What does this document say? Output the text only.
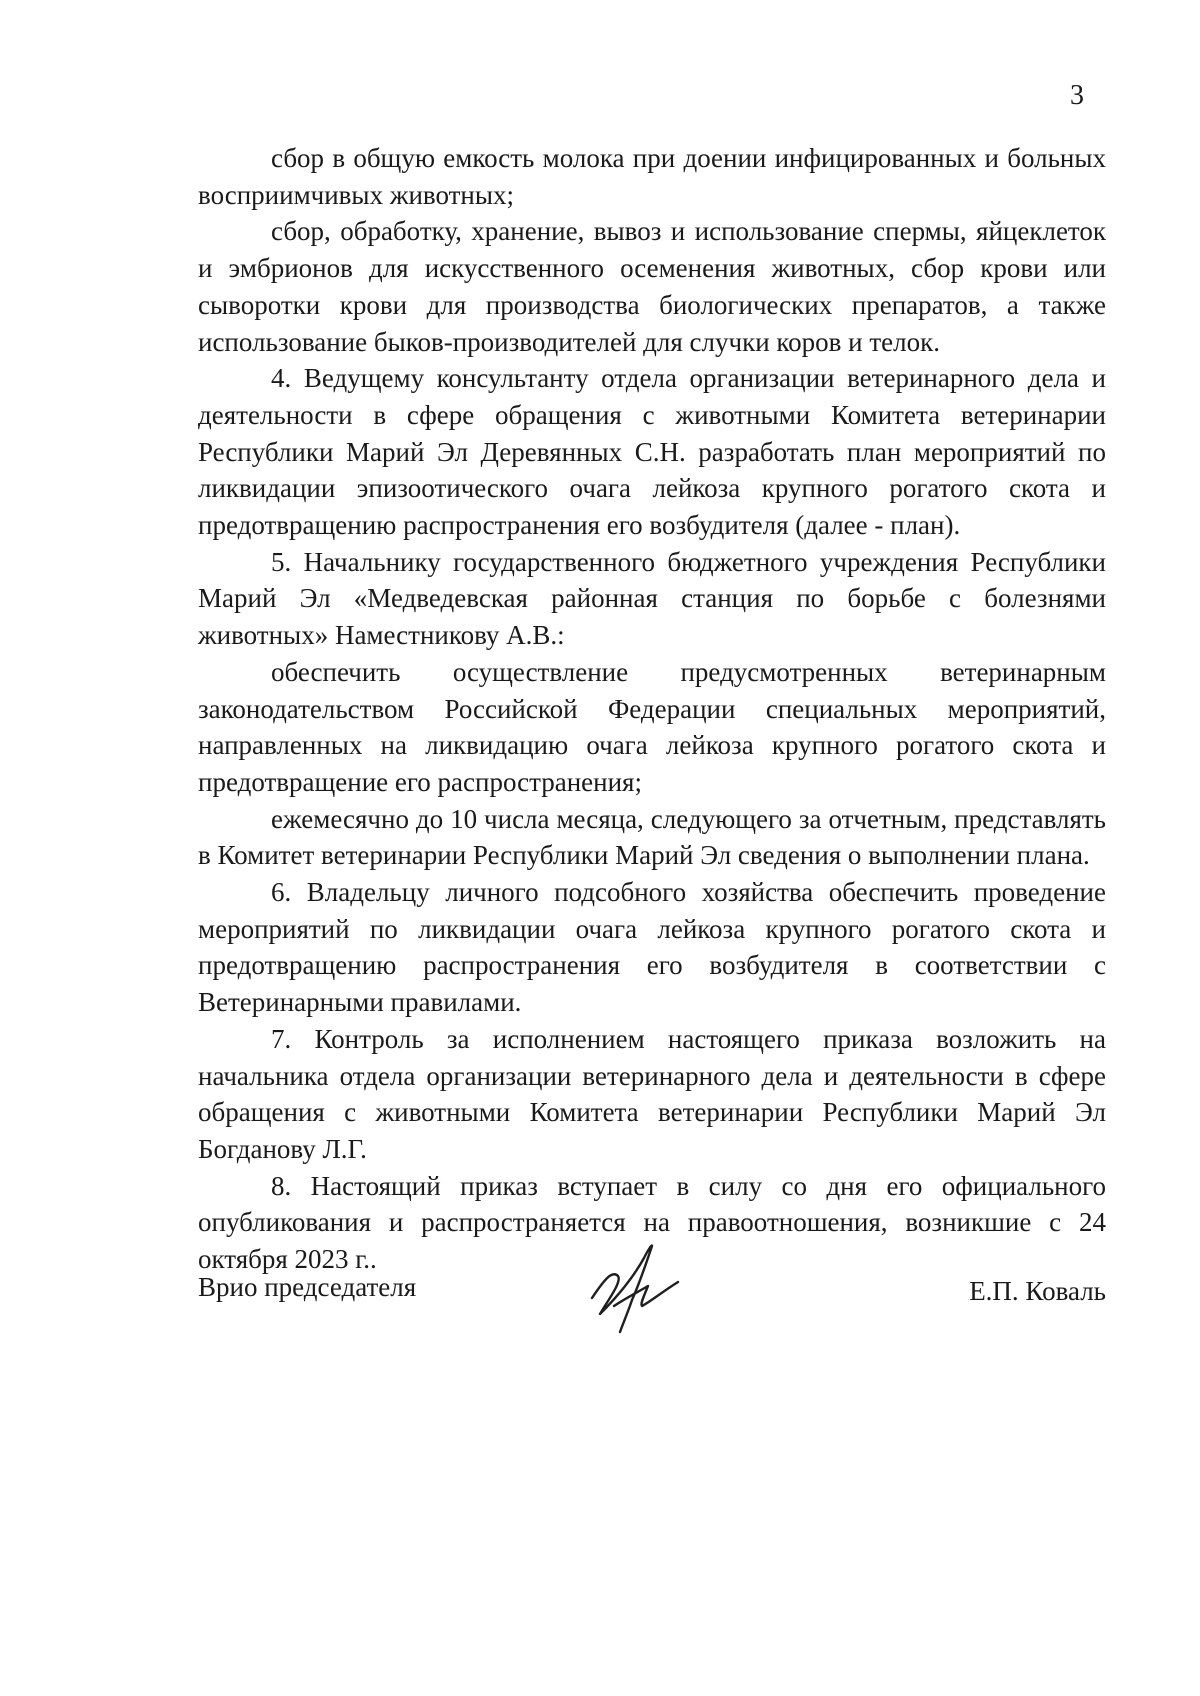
3

сбор в общую емкость молока при доении инфицированных и больных восприимчивых животных;

сбор, обработку, хранение, вывоз и использование спермы, яйцеклеток и эмбрионов для искусственного осеменения животных, сбор крови или сыворотки крови для производства биологических препаратов, а также использование быков-производителей для случки коров и телок.

4. Ведущему консультанту отдела организации ветеринарного дела и деятельности в сфере обращения с животными Комитета ветеринарии Республики Марий Эл Деревянных С.Н. разработать план мероприятий по ликвидации эпизоотического очага лейкоза крупного рогатого скота и предотвращению распространения его возбудителя (далее - план).

5. Начальнику государственного бюджетного учреждения Республики Марий Эл «Медведевская районная станция по борьбе с болезнями животных» Наместникову А.В.:

обеспечить осуществление предусмотренных ветеринарным законодательством Российской Федерации специальных мероприятий, направленных на ликвидацию очага лейкоза крупного рогатого скота и предотвращение его распространения;

ежемесячно до 10 числа месяца, следующего за отчетным, представлять в Комитет ветеринарии Республики Марий Эл сведения о выполнении плана.

6. Владельцу личного подсобного хозяйства обеспечить проведение мероприятий по ликвидации очага лейкоза крупного рогатого скота и предотвращению распространения его возбудителя в соответствии с Ветеринарными правилами.

7. Контроль за исполнением настоящего приказа возложить на начальника отдела организации ветеринарного дела и деятельности в сфере обращения с животными Комитета ветеринарии Республики Марий Эл Богданову Л.Г.

8. Настоящий приказ вступает в силу со дня его официального опубликования и распространяется на правоотношения, возникшие с 24 октября 2023 г..

Врио председателя	Е.П. Коваль
